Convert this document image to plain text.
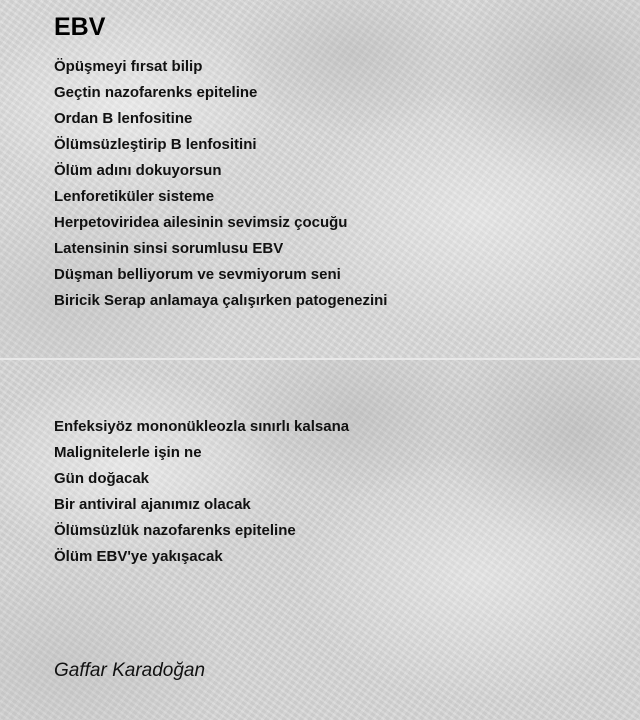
EBV
Öpüşmeyi fırsat bilip
Geçtin nazofarenks epiteline
Ordan B lenfositine
Ölümsüzleştirip B lenfositini
Ölüm adını dokuyorsun
Lenforetiküler sisteme
Herpetoviridea ailesinin sevimsiz çocuğu
Latensinin sinsi sorumlusu EBV
Düşman belliyorum ve sevmiyorum seni
Biricik Serap anlamaya çalışırken patogenezini
Enfeksiyöz mononükleozla sınırlı kalsana
Malignitelerle işin ne
Gün doğacak
Bir antiviral ajanımız olacak
Ölümsüzlük nazofarenks epiteline
Ölüm EBV'ye yakışacak
Gaffar Karadoğan
